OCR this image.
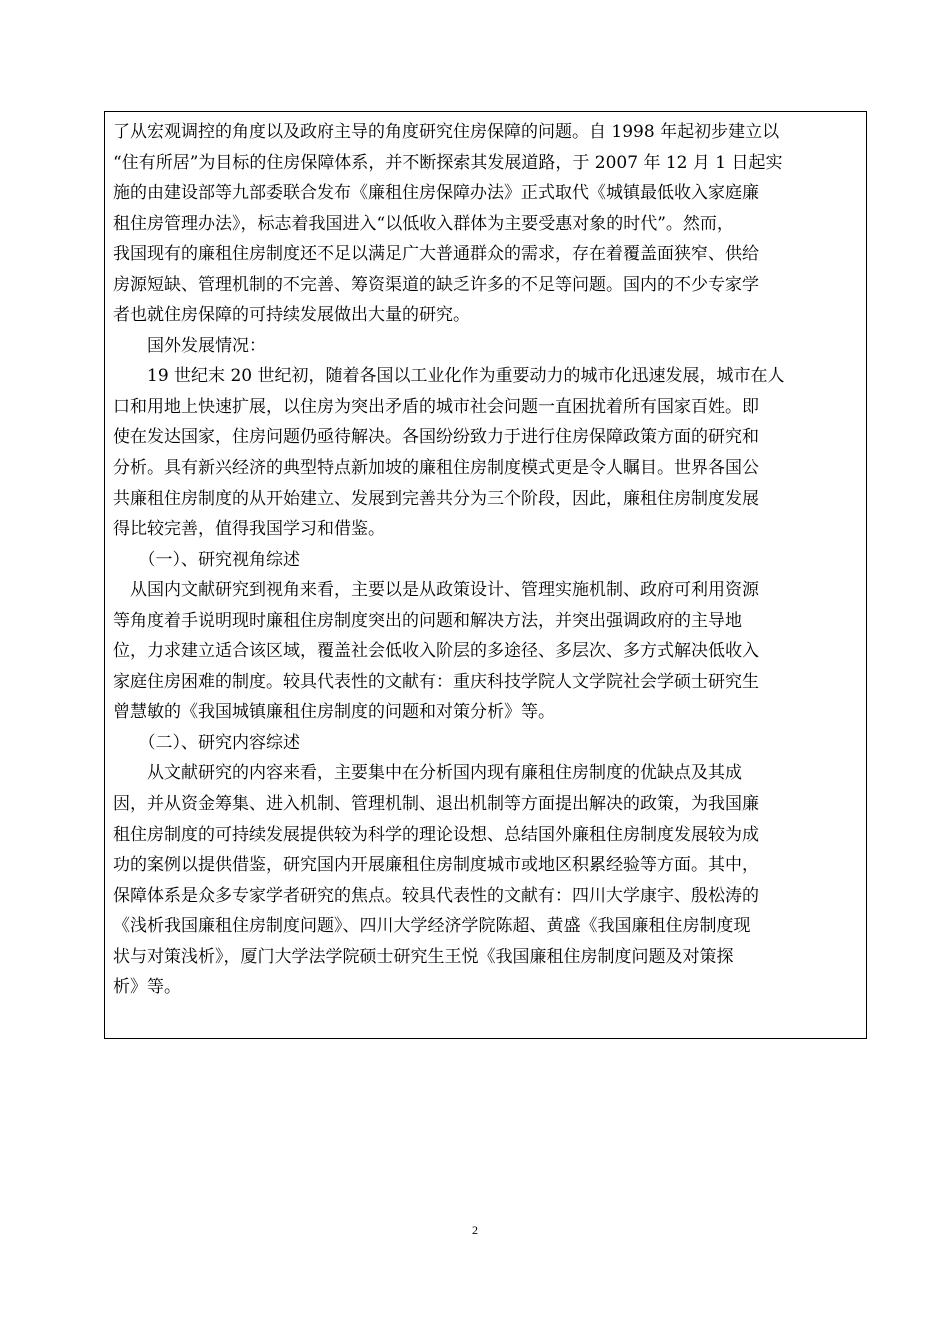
了从宏观调控的角度以及政府主导的角度研究住房保障的问题。自 1998 年起初步建立以
“住有所居”为目标的住房保障体系，并不断探索其发展道路，于 2007 年 12 月 1 日起实
施的由建设部等九部委联合发布《廉租住房保障办法》正式取代《城镇最低收入家庭廉
租住房管理办法》，标志着我国进入“以低收入群体为主要受惠对象的时代”。然而，
我国现有的廉租住房制度还不足以满足广大普通群众的需求，存在着覆盖面狭窄、供给
房源短缺、管理机制的不完善、筹资渠道的缺乏许多的不足等问题。国内的不少专家学
者也就住房保障的可持续发展做出大量的研究。
　　国外发展情况：
　　19 世纪末 20 世纪初，随着各国以工业化作为重要动力的城市化迅速发展，城市在人
口和用地上快速扩展，以住房为突出矛盾的城市社会问题一直困扰着所有国家百姓。即
使在发达国家，住房问题仍亟待解决。各国纷纷致力于进行住房保障政策方面的研究和
分析。具有新兴经济的典型特点新加坡的廉租住房制度模式更是令人瞩目。世界各国公
共廉租住房制度的从开始建立、发展到完善共分为三个阶段，因此，廉租住房制度发展
得比较完善，值得我国学习和借鉴。
　　（一）、研究视角综述
　从国内文献研究到视角来看，主要以是从政策设计、管理实施机制、政府可利用资源
等角度着手说明现时廉租住房制度突出的问题和解决方法，并突出强调政府的主导地
位，力求建立适合该区域，覆盖社会低收入阶层的多途径、多层次、多方式解决低收入
家庭住房困难的制度。较具代表性的文献有：重庆科技学院人文学院社会学硕士研究生
曾慧敏的《我国城镇廉租住房制度的问题和对策分析》等。
　　（二）、研究内容综述
　　从文献研究的内容来看，主要集中在分析国内现有廉租住房制度的优缺点及其成
因，并从资金筹集、进入机制、管理机制、退出机制等方面提出解决的政策，为我国廉
租住房制度的可持续发展提供较为科学的理论设想、总结国外廉租住房制度发展较为成
功的案例以提供借鉴，研究国内开展廉租住房制度城市或地区积累经验等方面。其中，
保障体系是众多专家学者研究的焦点。较具代表性的文献有：四川大学康宇、殷松涛的
《浅析我国廉租住房制度问题》、四川大学经济学院陈超、黄盛《我国廉租住房制度现
状与对策浅析》，厦门大学法学院硕士研究生王悦《我国廉租住房制度问题及对策探
析》等。
2
